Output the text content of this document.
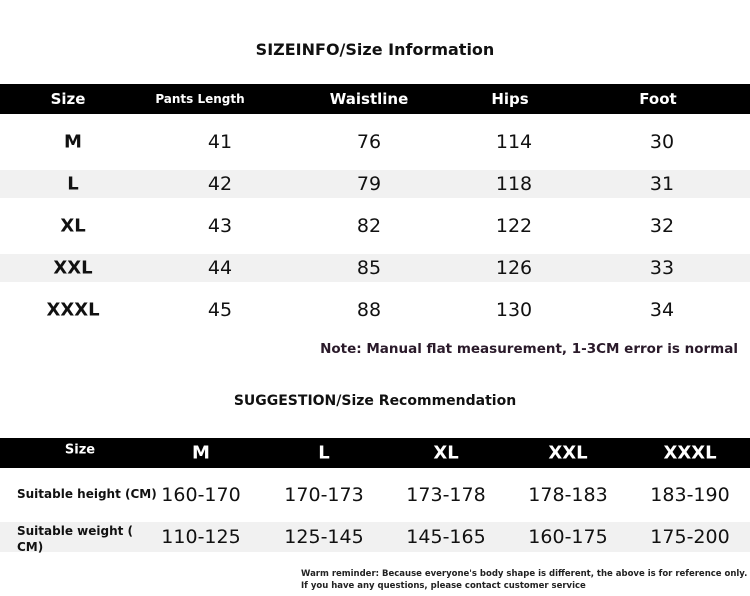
SIZEINFO/Size Information
Size	Pants Length	Waistline	Hips	Foot
M	41	76	114	30
L	42	79	118	31
XL	43	82	122	32
XXL	44	85	126	33
XXXL	45	88	130	34
Note: Manual flat measurement, 1-3CM error is normal
SUGGESTION/Size Recommendation
Size	M	L	XL	XXL	XXXL
Suitable height (CM) 160-170 170-173 173-178 178-183 183-190
Suitable weight (
CM)	110-125 125-145 145-165 160-175 175-200
Warm reminder: Because everyone's body shape is different, the above is for reference only.
If you have any questions, please contact customer service
